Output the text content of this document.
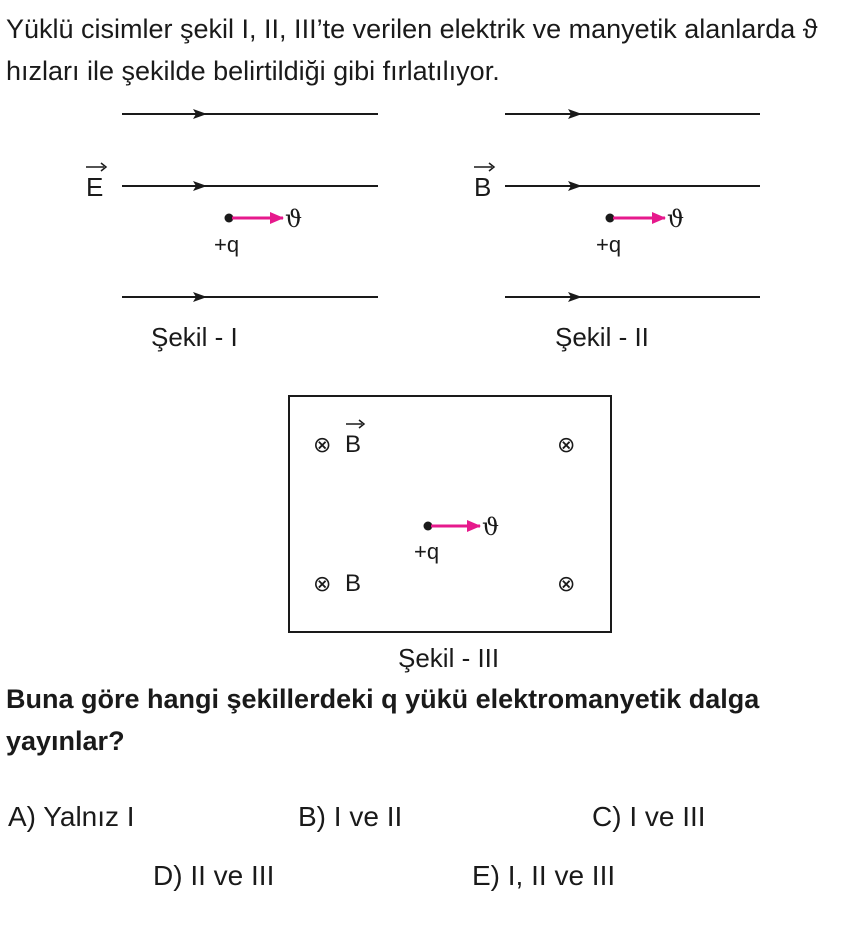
Yüklü cisimler şekil I, II, III’te verilen elektrik ve manyetik alanlarda ϑ hızları ile şekilde belirtildiği gibi fırlatılıyor.

E
ϑ
+q
Şekil - I
B
ϑ
+q
Şekil - II
⊗ B	⊗
ϑ
+q
⊗ B	⊗
Şekil - III

Buna göre hangi şekillerdeki q yükü elektromanyetik dalga yayınlar?

A) Yalnız I	B) I ve II	C) I ve III
D) II ve III	E) I, II ve III
